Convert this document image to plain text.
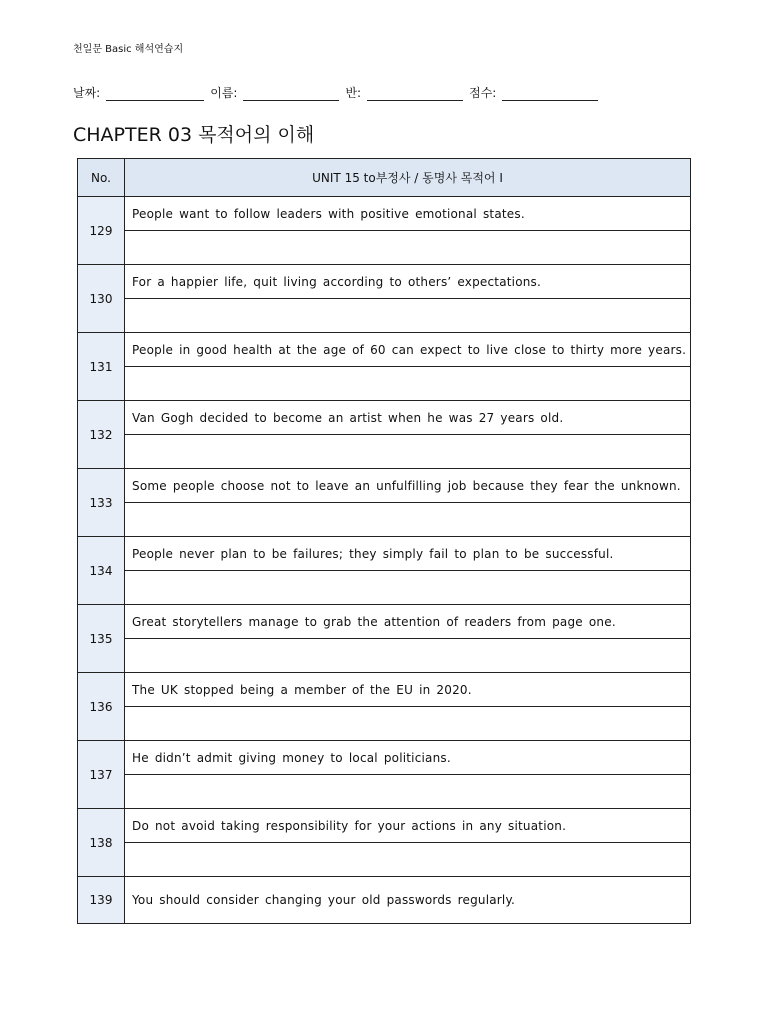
천일문 Basic 해석연습지
날짜:	이름:	반:	점수:
CHAPTER 03 목적어의 이해
No.	UNIT 15 to부정사 / 동명사 목적어 I
129	People want to follow leaders with positive emotional states.

130	For a happier life, quit living according to others’ expectations.

131	People in good health at the age of 60 can expect to live close to thirty more years.

132	Van Gogh decided to become an artist when he was 27 years old.

133	Some people choose not to leave an unfulfilling job because they fear the unknown.

134	People never plan to be failures; they simply fail to plan to be successful.

135	Great storytellers manage to grab the attention of readers from page one.

136	The UK stopped being a member of the EU in 2020.

137	He didn’t admit giving money to local politicians.

138	Do not avoid taking responsibility for your actions in any situation.

139	You should consider changing your old passwords regularly.
